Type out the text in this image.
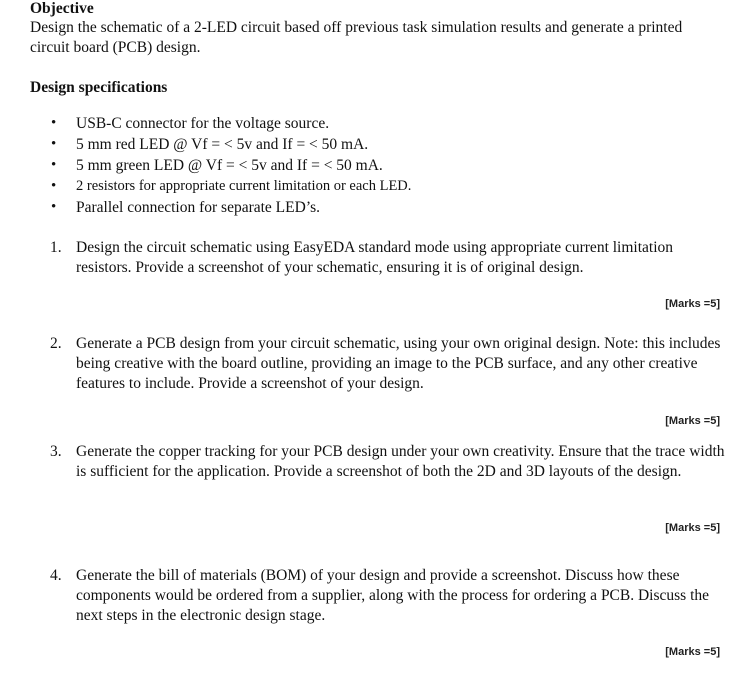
Objective
Design the schematic of a 2-LED circuit based off previous task simulation results and generate a printed circuit board (PCB) design.
Design specifications
• USB-C connector for the voltage source.
• 5 mm red LED @ Vf = < 5v and If = < 50 mA.
• 5 mm green LED @ Vf = < 5v and If = < 50 mA.
• 2 resistors for appropriate current limitation or each LED.
• Parallel connection for separate LED’s.
1. Design the circuit schematic using EasyEDA standard mode using appropriate current limitation resistors. Provide a screenshot of your schematic, ensuring it is of original design.
[Marks =5]
2. Generate a PCB design from your circuit schematic, using your own original design. Note: this includes being creative with the board outline, providing an image to the PCB surface, and any other creative features to include. Provide a screenshot of your design.
[Marks =5]
3. Generate the copper tracking for your PCB design under your own creativity. Ensure that the trace width is sufficient for the application. Provide a screenshot of both the 2D and 3D layouts of the design.
[Marks =5]
4. Generate the bill of materials (BOM) of your design and provide a screenshot. Discuss how these components would be ordered from a supplier, along with the process for ordering a PCB. Discuss the next steps in the electronic design stage.
[Marks =5]
